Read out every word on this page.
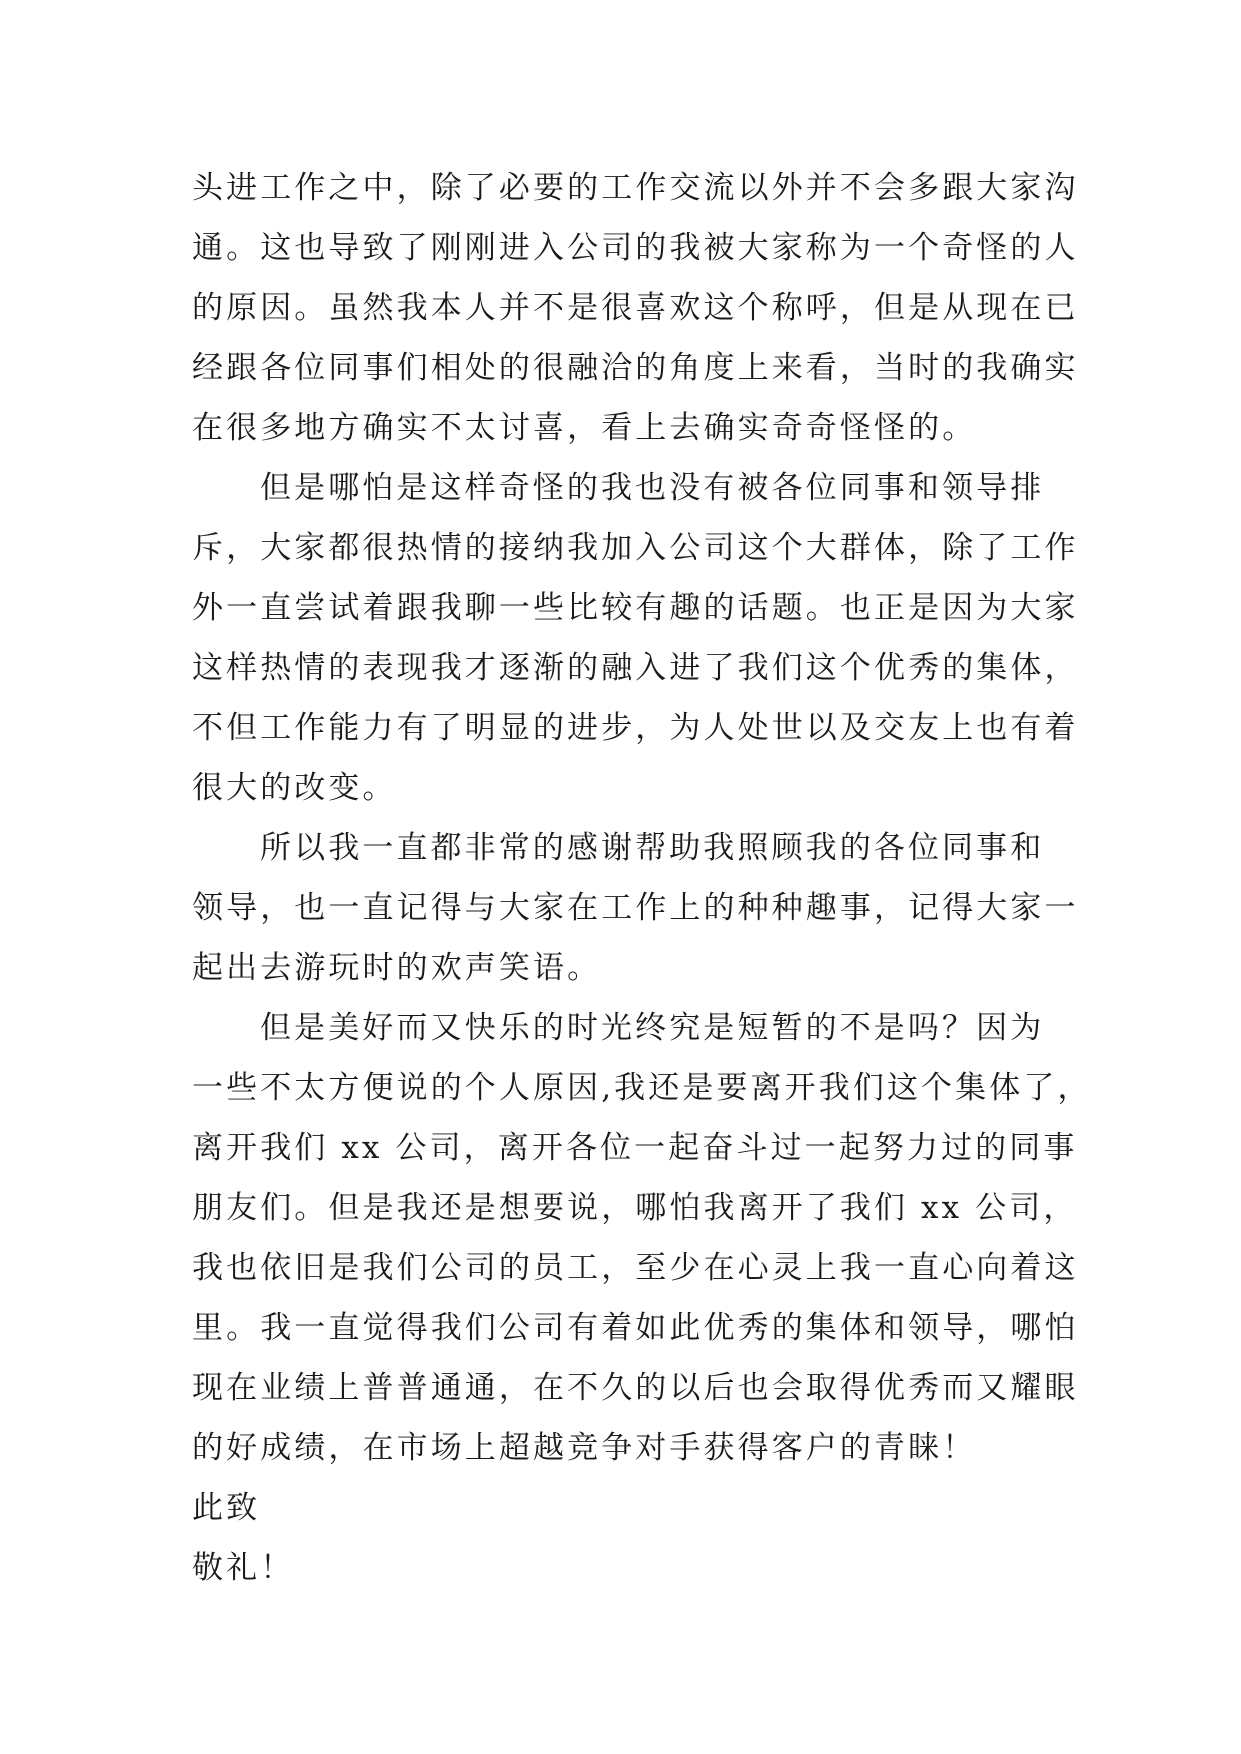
头进工作之中，除了必要的工作交流以外并不会多跟大家沟
通。这也导致了刚刚进入公司的我被大家称为一个奇怪的人
的原因。虽然我本人并不是很喜欢这个称呼，但是从现在已
经跟各位同事们相处的很融洽的角度上来看，当时的我确实
在很多地方确实不太讨喜，看上去确实奇奇怪怪的。
但是哪怕是这样奇怪的我也没有被各位同事和领导排
斥，大家都很热情的接纳我加入公司这个大群体，除了工作
外一直尝试着跟我聊一些比较有趣的话题。也正是因为大家
这样热情的表现我才逐渐的融入进了我们这个优秀的集体，
不但工作能力有了明显的进步，为人处世以及交友上也有着
很大的改变。
所以我一直都非常的感谢帮助我照顾我的各位同事和
领导，也一直记得与大家在工作上的种种趣事，记得大家一
起出去游玩时的欢声笑语。
但是美好而又快乐的时光终究是短暂的不是吗？因为
一些不太方便说的个人原因,我还是要离开我们这个集体了，
离开我们 xx 公司，离开各位一起奋斗过一起努力过的同事
朋友们。但是我还是想要说，哪怕我离开了我们 xx 公司，
我也依旧是我们公司的员工，至少在心灵上我一直心向着这
里。我一直觉得我们公司有着如此优秀的集体和领导，哪怕
现在业绩上普普通通，在不久的以后也会取得优秀而又耀眼
的好成绩，在市场上超越竞争对手获得客户的青睐！
此致
敬礼！
